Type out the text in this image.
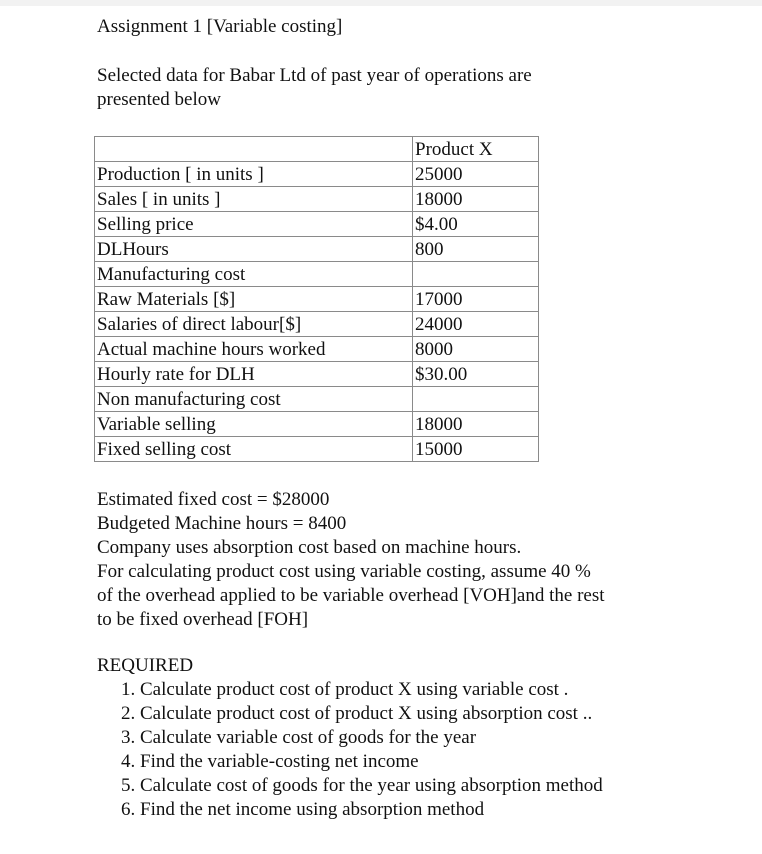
Assignment 1 [Variable costing]
Selected data for Babar Ltd of past year of operations are
presented below
	Product X
Production [ in units ]	25000
Sales [ in units ]	18000
Selling price	$4.00
DLHours	800
Manufacturing cost	
Raw Materials [$]	17000
Salaries of direct labour[$]	24000
Actual machine hours worked	8000
Hourly rate for DLH	$30.00
Non manufacturing cost	
Variable selling	18000
Fixed selling cost	15000
Estimated fixed cost = $28000
Budgeted Machine hours = 8400
Company uses absorption cost based on machine hours.
For calculating product cost using variable costing, assume 40 %
of the overhead applied to be variable overhead [VOH]and the rest
to be fixed overhead [FOH]
REQUIRED
1. Calculate product cost of product X using variable cost .
2. Calculate product cost of product X using absorption cost ..
3. Calculate variable cost of goods for the year
4. Find the variable-costing net income
5. Calculate cost of goods for the year using absorption method
6. Find the net income using absorption method
